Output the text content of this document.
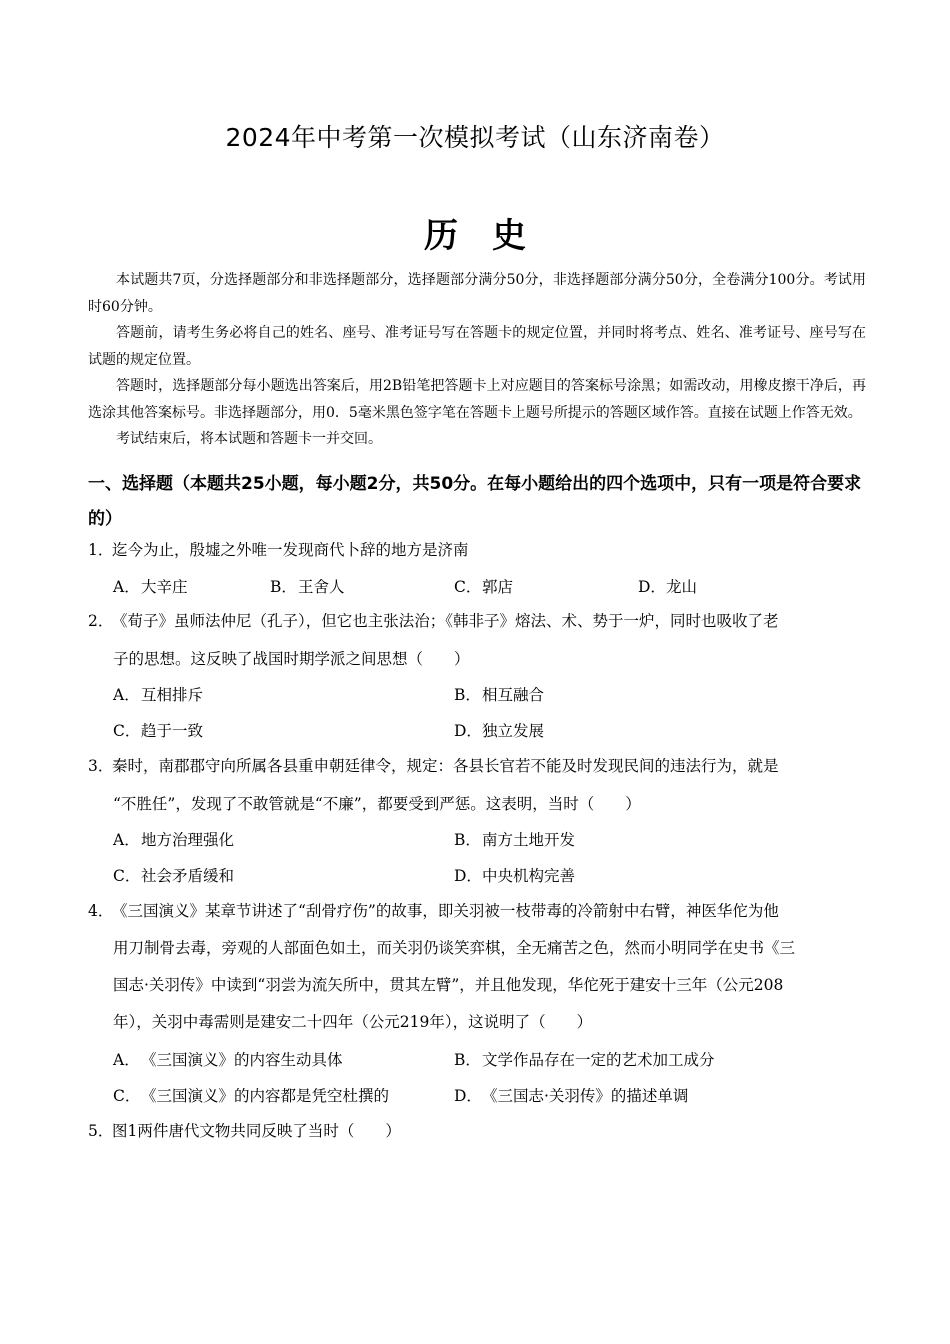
2024年中考第一次模拟考试（山东济南卷）
历　史

本试题共7页，分选择题部分和非选择题部分，选择题部分满分50分，非选择题部分满分50分，全卷满分100分。考试用时60分钟。

答题前，请考生务必将自己的姓名、座号、准考证号写在答题卡的规定位置，并同时将考点、姓名、准考证号、座号写在试题的规定位置。

答题时，选择题部分每小题选出答案后，用2B铅笔把答题卡上对应题目的答案标号涂黑；如需改动，用橡皮擦干净后，再选涂其他答案标号。非选择题部分，用0．5毫米黑色签字笔在答题卡上题号所提示的答题区域作答。直接在试题上作答无效。

考试结束后，将本试题和答题卡一并交回。

一、选择题（本题共25小题，每小题2分，共50分。在每小题给出的四个选项中，只有一项是符合要求的）
1．迄今为止，殷墟之外唯一发现商代卜辞的地方是济南
A．大辛庄	B．王舍人	C．郭店	D．龙山
2．《荀子》虽师法仲尼（孔子），但它也主张法治；《韩非子》熔法、术、势于一炉，同时也吸收了老
子的思想。这反映了战国时期学派之间思想（　　）
A．互相排斥	B．相互融合
C．趋于一致	D．独立发展
3．秦时，南郡郡守向所属各县重申朝廷律令，规定：各县长官若不能及时发现民间的违法行为，就是
“不胜任”，发现了不敢管就是“不廉”，都要受到严惩。这表明，当时（　　）
A．地方治理强化	B．南方土地开发
C．社会矛盾缓和	D．中央机构完善
4．《三国演义》某章节讲述了“刮骨疗伤”的故事，即关羽被一枝带毒的冷箭射中右臂，神医华佗为他
用刀制骨去毒，旁观的人部面色如土，而关羽仍谈笑弈棋，全无痛苦之色，然而小明同学在史书《三
国志·关羽传》中读到“羽尝为流矢所中，贯其左臂”，并且他发现，华佗死于建安十三年（公元208
年），关羽中毒需则是建安二十四年（公元219年），这说明了（　　）
A．《三国演义》的内容生动具体	B．文学作品存在一定的艺术加工成分
C．《三国演义》的内容都是凭空杜撰的	D．《三国志·关羽传》的描述单调
5．图1两件唐代文物共同反映了当时（　　）
